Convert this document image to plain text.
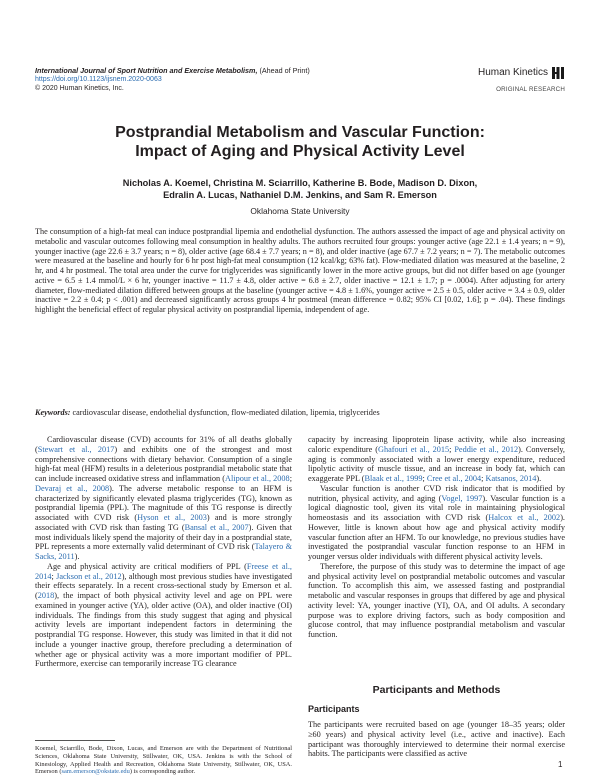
International Journal of Sport Nutrition and Exercise Metabolism, (Ahead of Print)
https://doi.org/10.1123/ijsnem.2020-0063
© 2020 Human Kinetics, Inc.
Human Kinetics
ORIGINAL RESEARCH
Postprandial Metabolism and Vascular Function:
Impact of Aging and Physical Activity Level
Nicholas A. Koemel, Christina M. Sciarrillo, Katherine B. Bode, Madison D. Dixon,
Edralin A. Lucas, Nathaniel D.M. Jenkins, and Sam R. Emerson
Oklahoma State University
The consumption of a high-fat meal can induce postprandial lipemia and endothelial dysfunction. The authors assessed the impact of age and physical activity on metabolic and vascular outcomes following meal consumption in healthy adults. The authors recruited four groups: younger active (age 22.1 ± 1.4 years; n = 9), younger inactive (age 22.6 ± 3.7 years; n = 8), older active (age 68.4 ± 7.7 years; n = 8), and older inactive (age 67.7 ± 7.2 years; n = 7). The metabolic outcomes were measured at the baseline and hourly for 6 hr post high-fat meal consumption (12 kcal/kg; 63% fat). Flow-mediated dilation was measured at the baseline, 2 hr, and 4 hr postmeal. The total area under the curve for triglycerides was significantly lower in the more active groups, but did not differ based on age (younger active = 6.5 ± 1.4 mmol/L × 6 hr, younger inactive = 11.7 ± 4.8, older active = 6.8 ± 2.7, older inactive = 12.1 ± 1.7; p = .0004). After adjusting for artery diameter, flow-mediated dilation differed between groups at the baseline (younger active = 4.8 ± 1.6%, younger active = 2.5 ± 0.5, older active = 3.4 ± 0.9, older inactive = 2.2 ± 0.4; p < .001) and decreased significantly across groups 4 hr postmeal (mean difference = 0.82; 95% CI [0.02, 1.6]; p = .04). These findings highlight the beneficial effect of regular physical activity on postprandial lipemia, independent of age.
Keywords: cardiovascular disease, endothelial dysfunction, flow-mediated dilation, lipemia, triglycerides

Cardiovascular disease (CVD) accounts for 31% of all deaths globally (Stewart et al., 2017) and exhibits one of the strongest and most comprehensive connections with dietary behavior. Consumption of a single high-fat meal (HFM) results in a deleterious postprandial metabolic state that can include increased oxidative stress and inflammation (Alipour et al., 2008; Devaraj et al., 2008). The adverse metabolic response to an HFM is characterized by significantly elevated plasma triglycerides (TG), known as postprandial lipemia (PPL). The magnitude of this TG response is directly associated with CVD risk (Hyson et al., 2003) and is more strongly associated with CVD risk than fasting TG (Bansal et al., 2007). Given that most individuals likely spend the majority of their day in a postprandial state, PPL represents a more externally valid determinant of CVD risk (Talayero & Sacks, 2011).

Age and physical activity are critical modifiers of PPL (Freese et al., 2014; Jackson et al., 2012), although most previous studies have investigated their effects separately. In a recent cross-sectional study by Emerson et al. (2018), the impact of both physical activity level and age on PPL were examined in younger active (YA), older active (OA), and older inactive (OI) individuals. The findings from this study suggest that aging and physical activity levels are important independent factors in determining the postprandial TG response. However, this study was limited in that it did not include a younger inactive group, therefore precluding a determination of whether age or physical activity was a more important modifier of PPL. Furthermore, exercise can temporarily increase TG clearance

capacity by increasing lipoprotein lipase activity, while also increasing caloric expenditure (Ghafouri et al., 2015; Peddie et al., 2012). Conversely, aging is commonly associated with a lower energy expenditure, reduced lipolytic activity of muscle tissue, and an increase in body fat, which can exaggerate PPL (Blaak et al., 1999; Cree et al., 2004; Katsanos, 2014).

Vascular function is another CVD risk indicator that is modified by nutrition, physical activity, and aging (Vogel, 1997). Vascular function is a logical diagnostic tool, given its vital role in maintaining physiological homeostasis and its association with CVD risk (Halcox et al., 2002). However, little is known about how age and physical activity modify vascular function after an HFM. To our knowledge, no previous studies have investigated the postprandial vascular function response to an HFM in younger versus older individuals with different physical activity levels.

Therefore, the purpose of this study was to determine the impact of age and physical activity level on postprandial metabolic outcomes and vascular function. To accomplish this aim, we assessed fasting and postprandial metabolic and vascular responses in groups that differed by age and physical activity level: YA, younger inactive (YI), OA, and OI adults. A secondary purpose was to explore driving factors, such as body composition and glucose control, that may influence postprandial metabolism and vascular function.

Participants and Methods
Participants

The participants were recruited based on age (younger 18–35 years; older ≥60 years) and physical activity level (i.e., active and inactive). Each participant was thoroughly interviewed to determine their normal exercise habits. The participants were classified as active

Koemel, Sciarrillo, Bode, Dixon, Lucas, and Emerson are with the Department of Nutritional Sciences, Oklahoma State University, Stillwater, OK, USA. Jenkins is with the School of Kinesiology, Applied Health and Recreation, Oklahoma State University, Stillwater, OK, USA. Emerson (sam.emerson@okstate.edu) is corresponding author.
1
